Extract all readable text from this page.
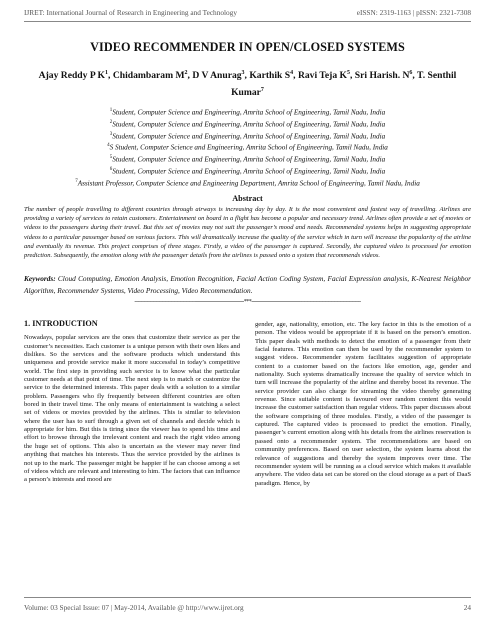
IJRET: International Journal of Research in Engineering and Technology	eISSN: 2319-1163 | pISSN: 2321-7308
VIDEO RECOMMENDER IN OPEN/CLOSED SYSTEMS
Ajay Reddy P $K^1$, Chidambaram $M^2$, D V Anurag$^3$, Karthik $S^4$, Ravi Teja $K^5$, Sri Harish. $N^6$, T. Senthil Kumar$^7$
$^1$Student, Computer Science and Engineering, Amrita School of Engineering, Tamil Nadu, India
$^2$Student, Computer Science and Engineering, Amrita School of Engineering, Tamil Nadu, India
$^3$Student, Computer Science and Engineering, Amrita School of Engineering, Tamil Nadu, India
$^4$S Student, Computer Science and Engineering, Amrita School of Engineering, Tamil Nadu, India
$^5$Student, Computer Science and Engineering, Amrita School of Engineering, Tamil Nadu, India
$^6$Student, Computer Science and Engineering, Amrita School of Engineering, Tamil Nadu, India
$^7$Assistant Professor, Computer Science and Engineering Department, Amrita School of Engineering, Tamil Nadu, India
Abstract
The number of people travelling to different countries through airways is increasing day by day. It is the most convenient and fastest way of travelling. Airlines are providing a variety of services to retain customers. Entertainment on board in a flight has become a popular and necessary trend. Airlines often provide a set of movies or videos to the passengers during their travel. But this set of movies may not suit the passenger’s mood and needs. Recommended systems helps in suggesting appropriate videos to a particular passenger based on various factors. This will dramatically increase the quality of the service which in turn will increase the popularity of the airline and eventually its revenue. This project comprises of three stages. Firstly, a video of the passenger is captured. Secondly, the captured video is processed for emotion prediction. Subsequently, the emotion along with the passenger details from the airlines is passed onto a system that recommends videos.
Keywords: Cloud Computing, Emotion Analysis, Emotion Recognition, Facial Action Coding System, Facial Expression analysis, K-Nearest Neighbor Algorithm, Recommender Systems, Video Processing, Video Recommendation.
-------------------------------------------------------------------------***-------------------------------------------------------------------------
1. INTRODUCTION

Nowadays, popular services are the ones that customize their service as per the customer’s necessities. Each customer is a unique person with their own likes and dislikes. So the services and the software products which understand this uniqueness and provide service make it more successful in today’s competitive world. The first step in providing such service is to know what the particular customer needs at that point of time. The next step is to match or customize the service to the determined interests. This paper deals with a solution to a similar problem. Passengers who fly frequently between different countries are often bored in their travel time. The only means of entertainment is watching a select set of videos or movies provided by the airlines. This is similar to television where the user has to surf through a given set of channels and decide which is appropriate for him. But this is tiring since the viewer has to spend his time and effort to browse through the irrelevant content and reach the right video among the huge set of options. This also is uncertain as the viewer may never find anything that matches his interests. Thus the service provided by the airlines is not up to the mark. The passenger might be happier if he can choose among a set of videos which are relevant and interesting to him. The factors that can influence a person’s interests and mood are

gender, age, nationality, emotion, etc. The key factor in this is the emotion of a person. The videos would be appropriate if it is based on the person’s emotion. This paper deals with methods to detect the emotion of a passenger from their facial features. This emotion can then be used by the recommender system to suggest videos. Recommender system facilitates suggestion of appropriate content to a customer based on the factors like emotion, age, gender and nationality. Such systems dramatically increase the quality of service which in turn will increase the popularity of the airline and thereby boost its revenue. The service provider can also charge for streaming the video thereby generating revenue. Since suitable content is favoured over random content this would increase the customer satisfaction than regular videos. This paper discusses about the software comprising of three modules. Firstly, a video of the passenger is captured. The captured video is processed to predict the emotion. Finally, passenger’s current emotion along with his details from the airlines reservation is passed onto a recommender system. The recommendations are based on community preferences. Based on user selection, the system learns about the relevance of suggestions and thereby the system improves over time. The recommender system will be running as a cloud service which makes it available anywhere. The video data set can be stored on the cloud storage as a part of DaaS paradigm. Hence, by

Volume: 03 Special Issue: 07 | May-2014, Available @ http://www.ijret.org	24
